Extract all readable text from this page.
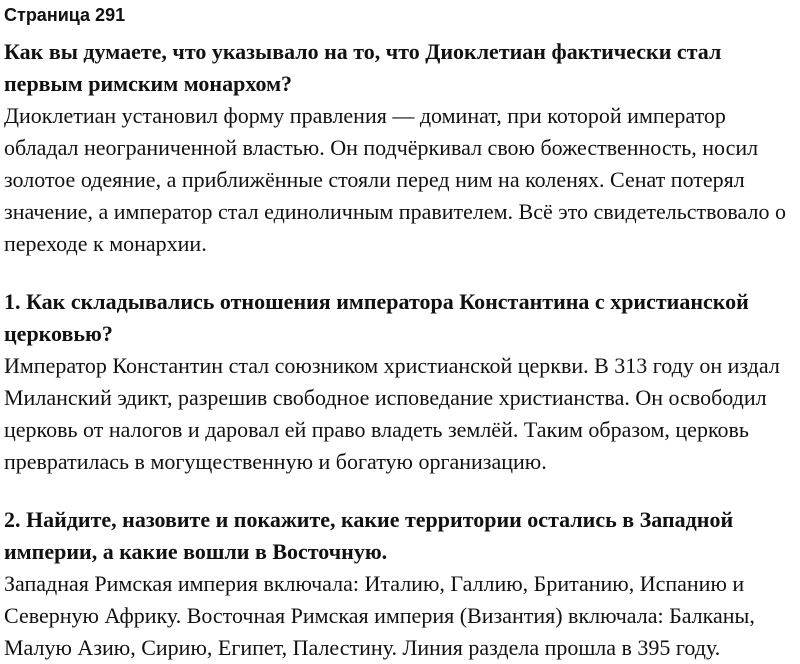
Страница 291

Как вы думаете, что указывало на то, что Диоклетиан фактически стал первым римским монархом?

Диоклетиан установил форму правления — доминат, при которой император обладал неограниченной властью. Он подчёркивал свою божественность, носил золотое одеяние, а приближённые стояли перед ним на коленях. Сенат потерял значение, а император стал единоличным правителем. Всё это свидетельствовало о переходе к монархии.

1. Как складывались отношения императора Константина с христианской церковью?

Император Константин стал союзником христианской церкви. В 313 году он издал Миланский эдикт, разрешив свободное исповедание христианства. Он освободил церковь от налогов и даровал ей право владеть землёй. Таким образом, церковь превратилась в могущественную и богатую организацию.

2. Найдите, назовите и покажите, какие территории остались в Западной империи, а какие вошли в Восточную.

Западная Римская империя включала: Италию, Галлию, Британию, Испанию и Северную Африку. Восточная Римская империя (Византия) включала: Балканы, Малую Азию, Сирию, Египет, Палестину. Линия раздела прошла в 395 году.
